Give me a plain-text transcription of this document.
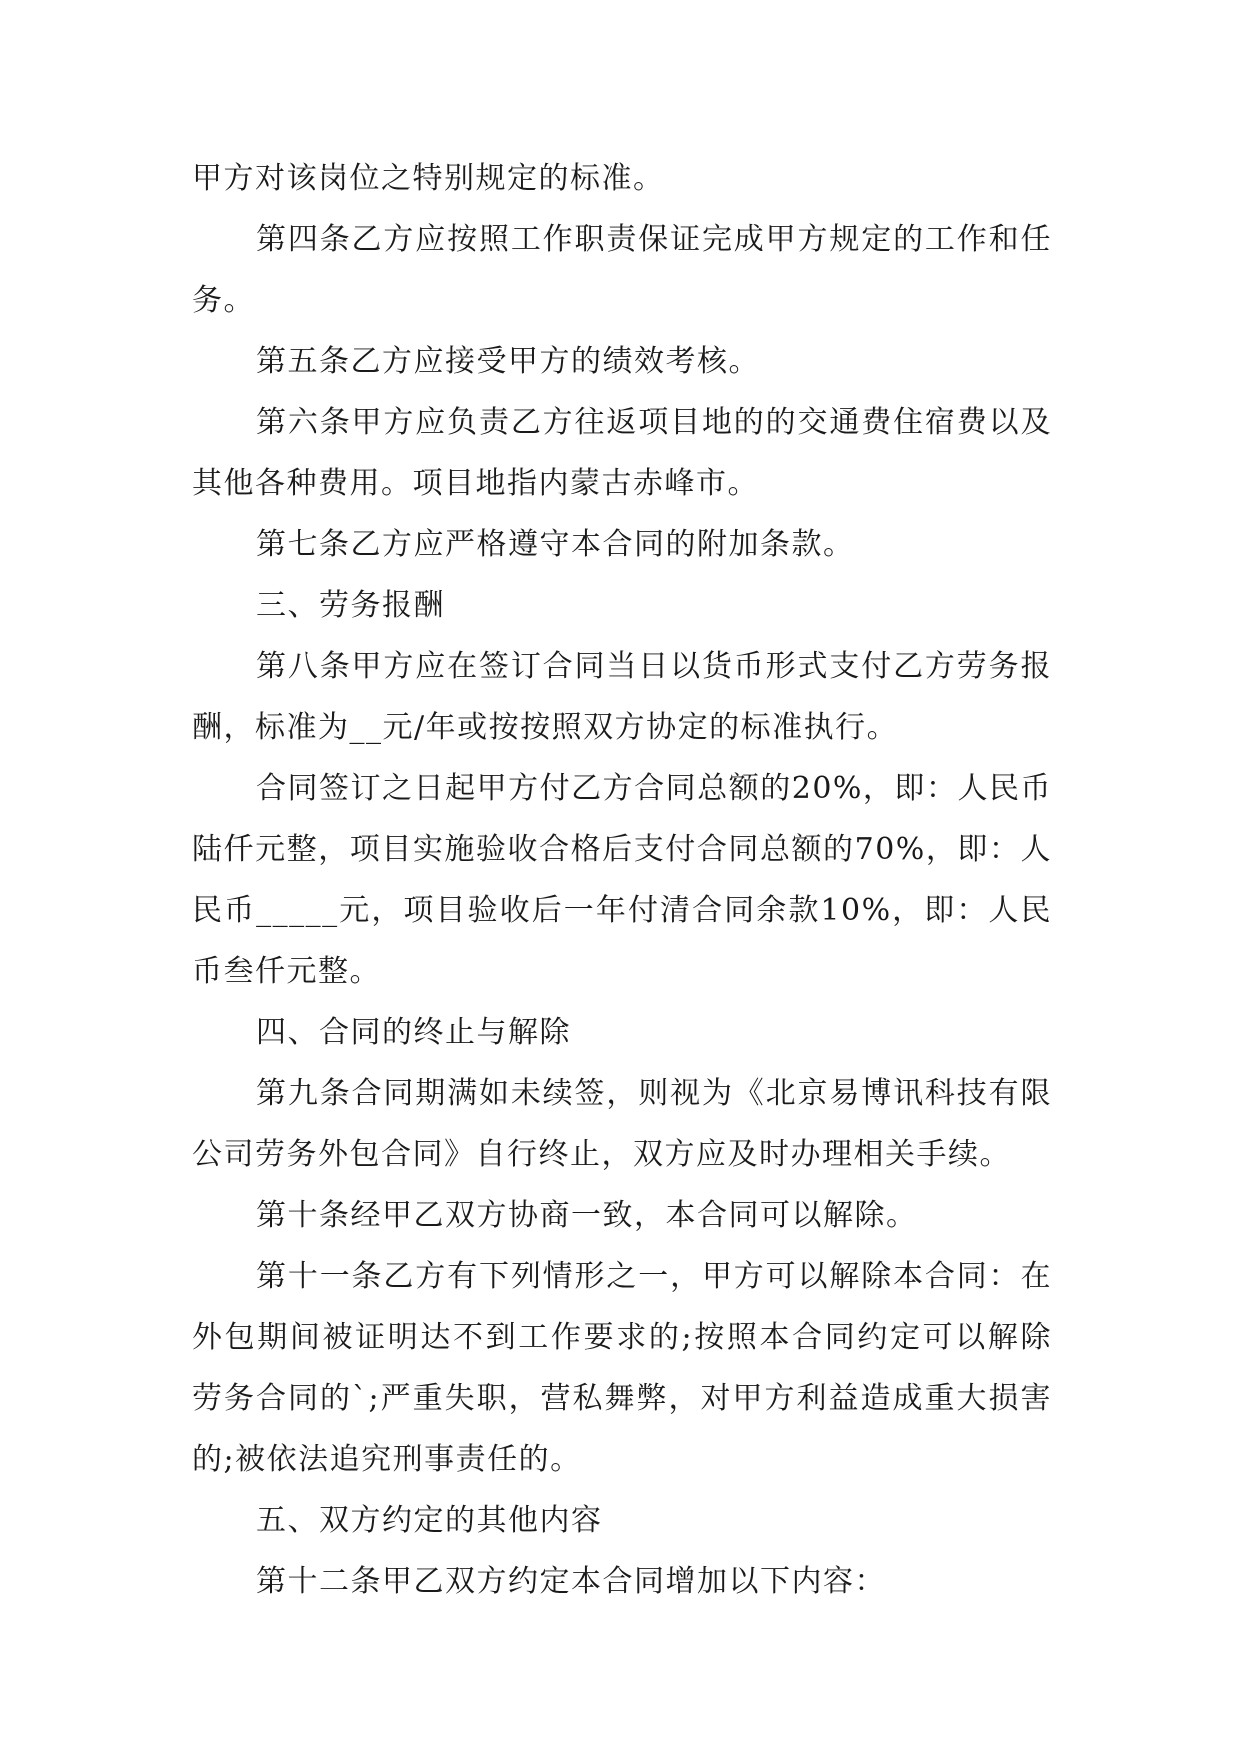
甲方对该岗位之特别规定的标准。

第四条乙方应按照工作职责保证完成甲方规定的工作和任务。

第五条乙方应接受甲方的绩效考核。

第六条甲方应负责乙方往返项目地的的交通费住宿费以及其他各种费用。项目地指内蒙古赤峰市。

第七条乙方应严格遵守本合同的附加条款。

三、劳务报酬

第八条甲方应在签订合同当日以货币形式支付乙方劳务报酬，标准为__元/年或按按照双方协定的标准执行。

合同签订之日起甲方付乙方合同总额的20%，即：人民币陆仟元整，项目实施验收合格后支付合同总额的70%，即：人民币_____元，项目验收后一年付清合同余款10%，即：人民币叁仟元整。

四、合同的终止与解除

第九条合同期满如未续签，则视为《北京易博讯科技有限公司劳务外包合同》自行终止，双方应及时办理相关手续。

第十条经甲乙双方协商一致，本合同可以解除。

第十一条乙方有下列情形之一，甲方可以解除本合同：在外包期间被证明达不到工作要求的;按照本合同约定可以解除劳务合同的`;严重失职，营私舞弊，对甲方利益造成重大损害的;被依法追究刑事责任的。

五、双方约定的其他内容

第十二条甲乙双方约定本合同增加以下内容：
